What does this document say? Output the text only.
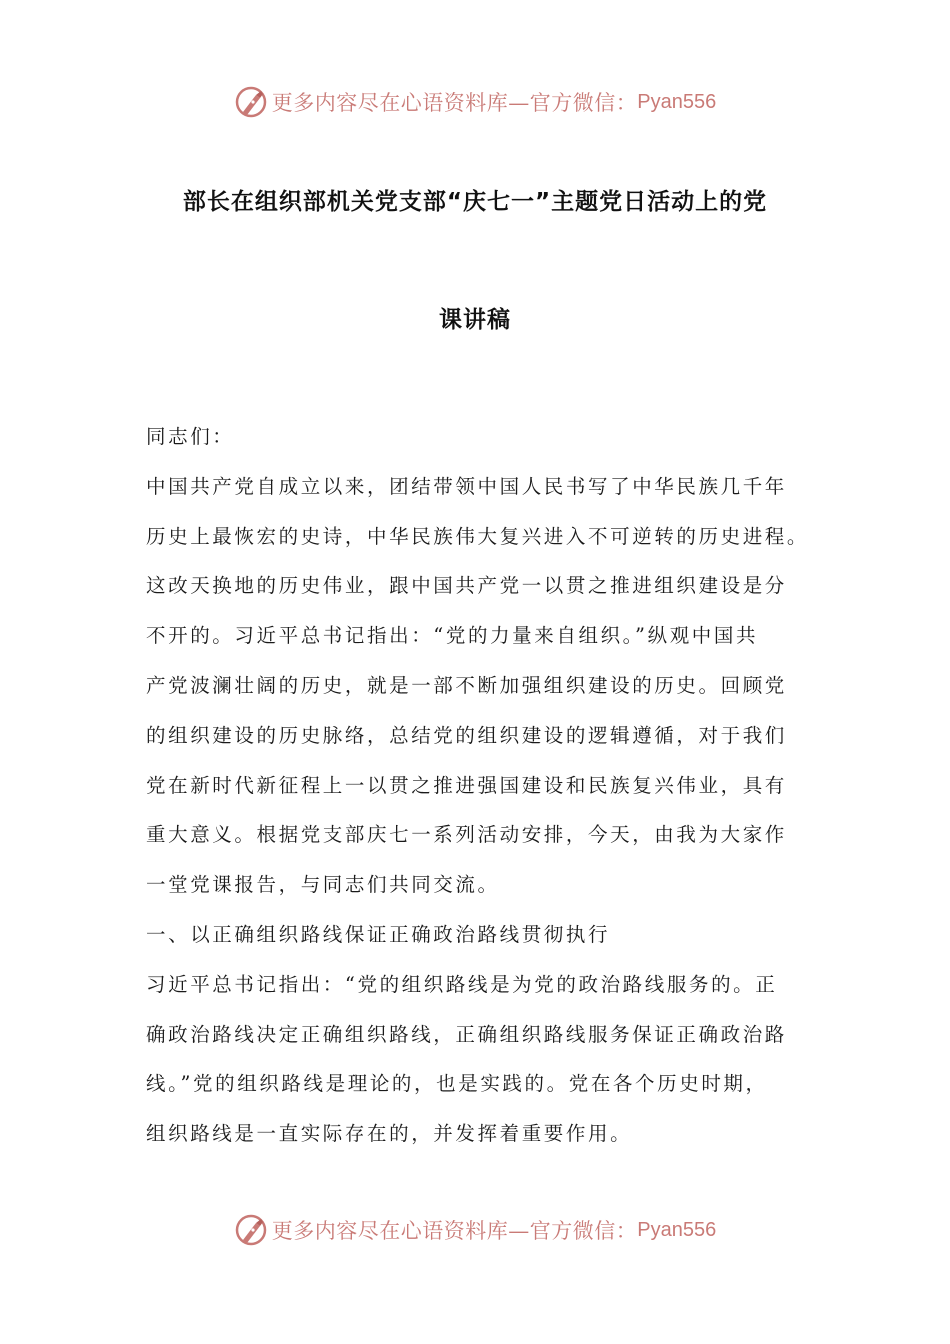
更多内容尽在心语资料库—官方微信： Pyan556
部长在组织部机关党支部“庆七一”主题党日活动上的党
课讲稿
同志们：
中国共产党自成立以来，团结带领中国人民书写了中华民族几千年
历史上最恢宏的史诗，中华民族伟大复兴进入不可逆转的历史进程。
这改天换地的历史伟业，跟中国共产党一以贯之推进组织建设是分
不开的。习近平总书记指出：“党的力量来自组织。”纵观中国共
产党波澜壮阔的历史，就是一部不断加强组织建设的历史。回顾党
的组织建设的历史脉络，总结党的组织建设的逻辑遵循，对于我们
党在新时代新征程上一以贯之推进强国建设和民族复兴伟业，具有
重大意义。根据党支部庆七一系列活动安排，今天，由我为大家作
一堂党课报告，与同志们共同交流。
一、以正确组织路线保证正确政治路线贯彻执行
习近平总书记指出：“党的组织路线是为党的政治路线服务的。正
确政治路线决定正确组织路线，正确组织路线服务保证正确政治路
线。”党的组织路线是理论的，也是实践的。党在各个历史时期，
组织路线是一直实际存在的，并发挥着重要作用。
更多内容尽在心语资料库—官方微信： Pyan556
